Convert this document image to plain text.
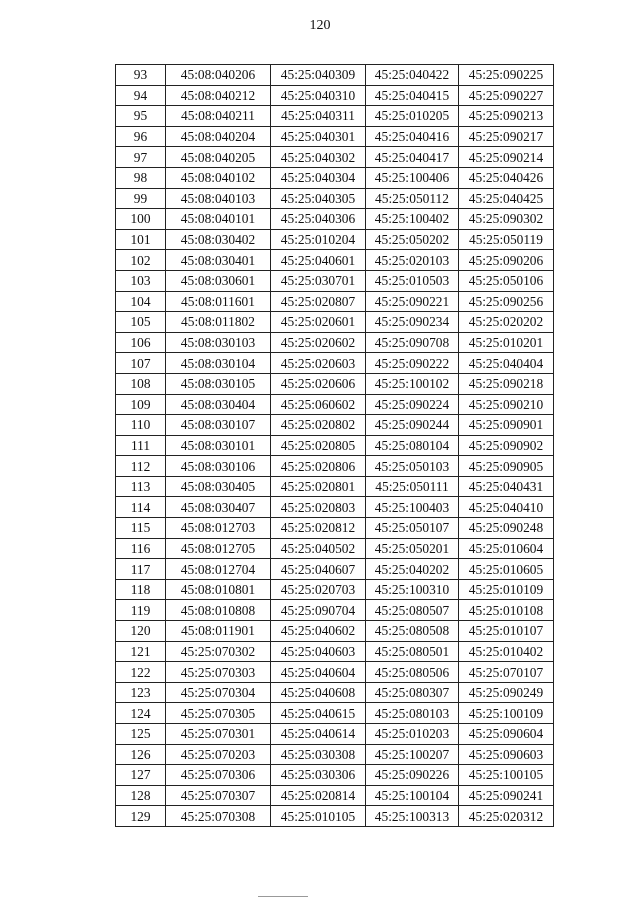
120
93	45:08:040206	45:25:040309	45:25:040422	45:25:090225
94	45:08:040212	45:25:040310	45:25:040415	45:25:090227
95	45:08:040211	45:25:040311	45:25:010205	45:25:090213
96	45:08:040204	45:25:040301	45:25:040416	45:25:090217
97	45:08:040205	45:25:040302	45:25:040417	45:25:090214
98	45:08:040102	45:25:040304	45:25:100406	45:25:040426
99	45:08:040103	45:25:040305	45:25:050112	45:25:040425
100	45:08:040101	45:25:040306	45:25:100402	45:25:090302
101	45:08:030402	45:25:010204	45:25:050202	45:25:050119
102	45:08:030401	45:25:040601	45:25:020103	45:25:090206
103	45:08:030601	45:25:030701	45:25:010503	45:25:050106
104	45:08:011601	45:25:020807	45:25:090221	45:25:090256
105	45:08:011802	45:25:020601	45:25:090234	45:25:020202
106	45:08:030103	45:25:020602	45:25:090708	45:25:010201
107	45:08:030104	45:25:020603	45:25:090222	45:25:040404
108	45:08:030105	45:25:020606	45:25:100102	45:25:090218
109	45:08:030404	45:25:060602	45:25:090224	45:25:090210
110	45:08:030107	45:25:020802	45:25:090244	45:25:090901
111	45:08:030101	45:25:020805	45:25:080104	45:25:090902
112	45:08:030106	45:25:020806	45:25:050103	45:25:090905
113	45:08:030405	45:25:020801	45:25:050111	45:25:040431
114	45:08:030407	45:25:020803	45:25:100403	45:25:040410
115	45:08:012703	45:25:020812	45:25:050107	45:25:090248
116	45:08:012705	45:25:040502	45:25:050201	45:25:010604
117	45:08:012704	45:25:040607	45:25:040202	45:25:010605
118	45:08:010801	45:25:020703	45:25:100310	45:25:010109
119	45:08:010808	45:25:090704	45:25:080507	45:25:010108
120	45:08:011901	45:25:040602	45:25:080508	45:25:010107
121	45:25:070302	45:25:040603	45:25:080501	45:25:010402
122	45:25:070303	45:25:040604	45:25:080506	45:25:070107
123	45:25:070304	45:25:040608	45:25:080307	45:25:090249
124	45:25:070305	45:25:040615	45:25:080103	45:25:100109
125	45:25:070301	45:25:040614	45:25:010203	45:25:090604
126	45:25:070203	45:25:030308	45:25:100207	45:25:090603
127	45:25:070306	45:25:030306	45:25:090226	45:25:100105
128	45:25:070307	45:25:020814	45:25:100104	45:25:090241
129	45:25:070308	45:25:010105	45:25:100313	45:25:020312
